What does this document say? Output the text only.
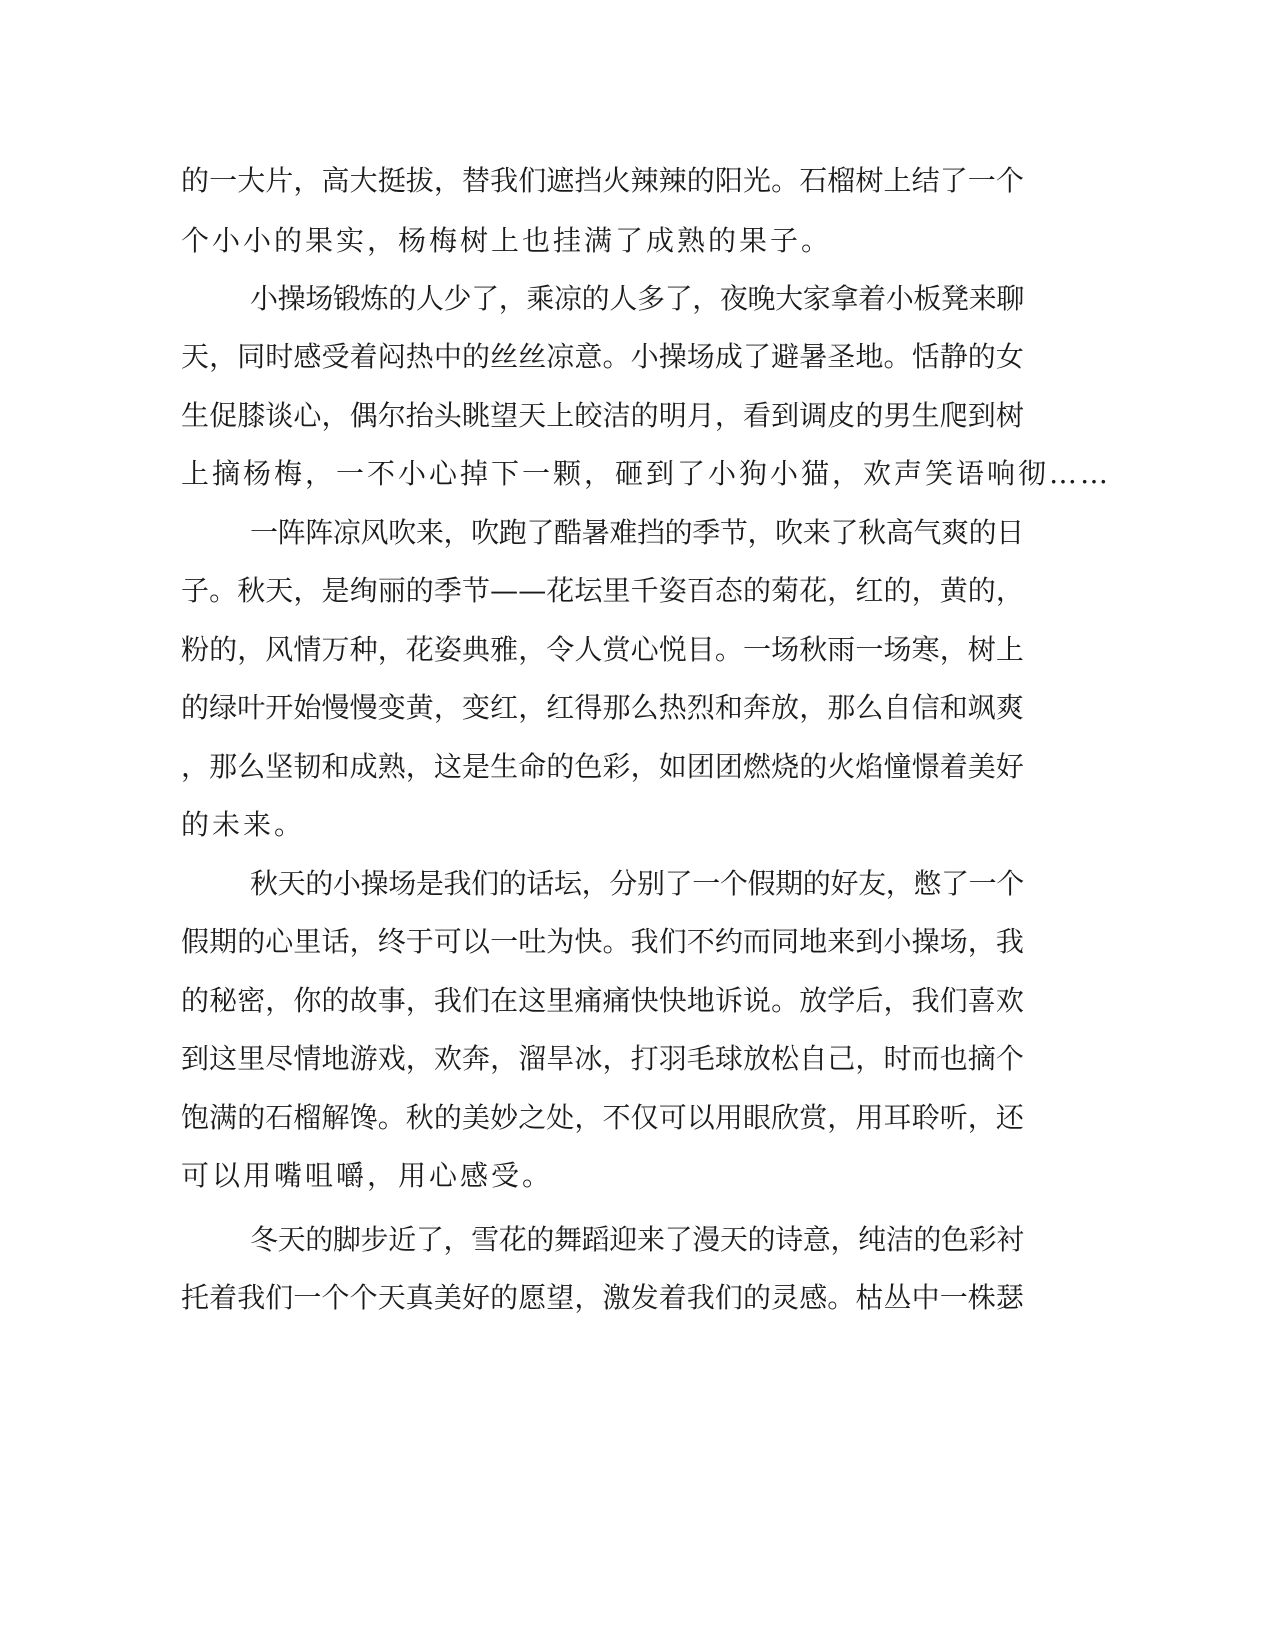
的一大片，高大挺拔，替我们遮挡火辣辣的阳光。石榴树上结了一个

个小小的果实，杨梅树上也挂满了成熟的果子。

小操场锻炼的人少了，乘凉的人多了，夜晚大家拿着小板凳来聊

天，同时感受着闷热中的丝丝凉意。小操场成了避暑圣地。恬静的女

生促膝谈心，偶尔抬头眺望天上皎洁的明月，看到调皮的男生爬到树

上摘杨梅，一不小心掉下一颗，砸到了小狗小猫，欢声笑语响彻……

一阵阵凉风吹来，吹跑了酷暑难挡的季节，吹来了秋高气爽的日

子。秋天，是绚丽的季节——花坛里千姿百态的菊花，红的，黄的，

粉的，风情万种，花姿典雅，令人赏心悦目。一场秋雨一场寒，树上

的绿叶开始慢慢变黄，变红，红得那么热烈和奔放，那么自信和飒爽

，那么坚韧和成熟，这是生命的色彩，如团团燃烧的火焰憧憬着美好

的未来。

秋天的小操场是我们的话坛，分别了一个假期的好友，憋了一个

假期的心里话，终于可以一吐为快。我们不约而同地来到小操场，我

的秘密，你的故事，我们在这里痛痛快快地诉说。放学后，我们喜欢

到这里尽情地游戏，欢奔，溜旱冰，打羽毛球放松自己，时而也摘个

饱满的石榴解馋。秋的美妙之处，不仅可以用眼欣赏，用耳聆听，还

可以用嘴咀嚼，用心感受。

冬天的脚步近了，雪花的舞蹈迎来了漫天的诗意，纯洁的色彩衬

托着我们一个个天真美好的愿望，激发着我们的灵感。枯丛中一株瑟
